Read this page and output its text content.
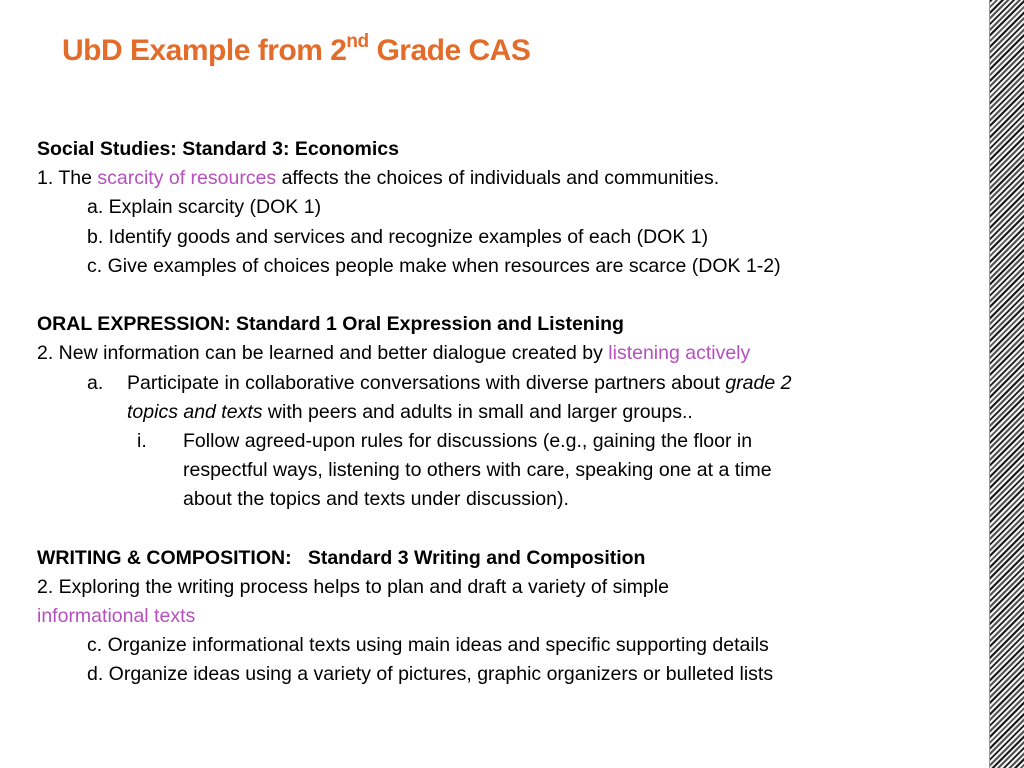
UbD Example from 2nd Grade CAS
Social Studies: Standard 3: Economics
1. The scarcity of resources affects the choices of individuals and communities.
a. Explain scarcity (DOK 1)
b. Identify goods and services and recognize examples of each (DOK 1)
c. Give examples of choices people make when resources are scarce (DOK 1-2)
ORAL EXPRESSION: Standard 1 Oral Expression and Listening
2. New information can be learned and better dialogue created by listening actively
a. Participate in collaborative conversations with diverse partners about grade 2
topics and texts with peers and adults in small and larger groups..
i. Follow agreed-upon rules for discussions (e.g., gaining the floor in
respectful ways, listening to others with care, speaking one at a time
about the topics and texts under discussion).
WRITING & COMPOSITION:   Standard 3 Writing and Composition
2. Exploring the writing process helps to plan and draft a variety of simple
informational texts
c. Organize informational texts using main ideas and specific supporting details
d. Organize ideas using a variety of pictures, graphic organizers or bulleted lists
